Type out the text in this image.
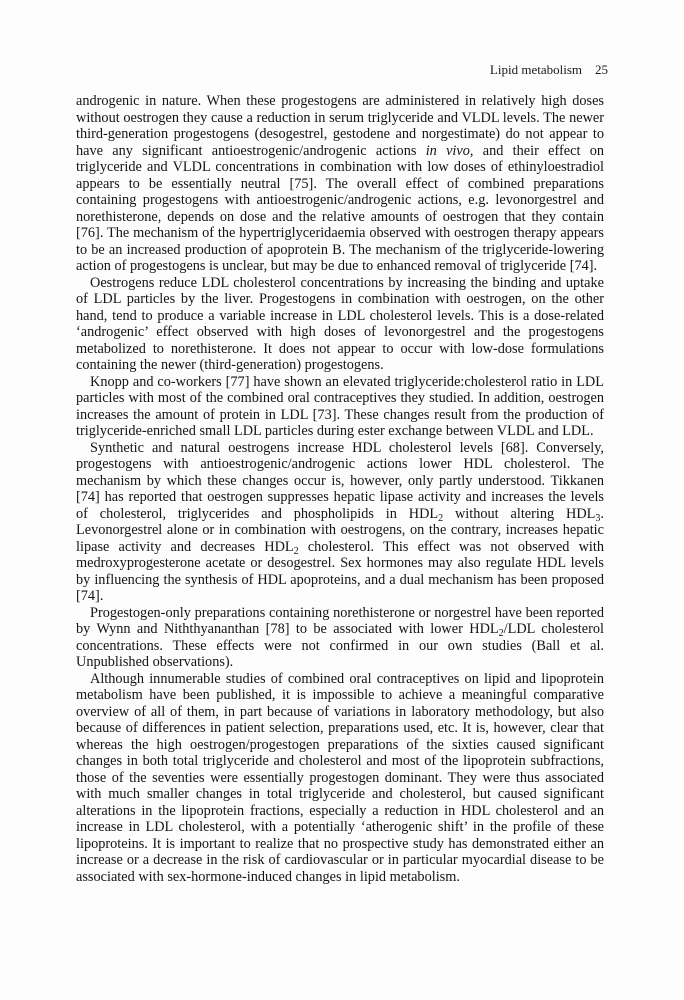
Lipid metabolism 25

androgenic in nature. When these progestogens are administered in relatively high doses without oestrogen they cause a reduction in serum triglyceride and VLDL levels. The newer third-generation progestogens (desogestrel, gestodene and norgestimate) do not appear to have any significant antioestrogenic/androgenic actions in vivo, and their effect on triglyceride and VLDL concentrations in combination with low doses of ethinyloestradiol appears to be essentially neutral [75]. The overall effect of combined preparations containing progestogens with antioestrogenic/androgenic actions, e.g. levonorgestrel and norethisterone, depends on dose and the relative amounts of oestrogen that they contain [76]. The mechanism of the hypertriglyceridaemia observed with oestrogen therapy appears to be an increased production of apoprotein B. The mechanism of the triglyceride-lowering action of progestogens is unclear, but may be due to enhanced removal of triglyceride [74].

Oestrogens reduce LDL cholesterol concentrations by increasing the binding and uptake of LDL particles by the liver. Progestogens in combination with oestrogen, on the other hand, tend to produce a variable increase in LDL cholesterol levels. This is a dose-related ‘androgenic’ effect observed with high doses of levonorgestrel and the progestogens metabolized to norethisterone. It does not appear to occur with low-dose formulations containing the newer (third-generation) progestogens.

Knopp and co-workers [77] have shown an elevated triglyceride:cholesterol ratio in LDL particles with most of the combined oral contraceptives they studied. In addition, oestrogen increases the amount of protein in LDL [73]. These changes result from the production of triglyceride-enriched small LDL particles during ester exchange between VLDL and LDL.

Synthetic and natural oestrogens increase HDL cholesterol levels [68]. Conversely, progestogens with antioestrogenic/androgenic actions lower HDL cholesterol. The mechanism by which these changes occur is, however, only partly understood. Tikkanen [74] has reported that oestrogen suppresses hepatic lipase activity and increases the levels of cholesterol, triglycerides and phospholipids in $HDL_2$ without altering $HDL_3$. Levonorgestrel alone or in combination with oestrogens, on the contrary, increases hepatic lipase activity and decreases $HDL_2$ cholesterol. This effect was not observed with medroxyprogesterone acetate or desogestrel. Sex hormones may also regulate HDL levels by influencing the synthesis of HDL apoproteins, and a dual mechanism has been proposed [74].

Progestogen-only preparations containing norethisterone or norgestrel have been reported by Wynn and Niththyananthan [78] to be associated with lower $HDL_2$/LDL cholesterol concentrations. These effects were not confirmed in our own studies (Ball et al. Unpublished observations).

Although innumerable studies of combined oral contraceptives on lipid and lipoprotein metabolism have been published, it is impossible to achieve a meaningful comparative overview of all of them, in part because of variations in laboratory methodology, but also because of differences in patient selection, preparations used, etc. It is, however, clear that whereas the high oestrogen/progestogen preparations of the sixties caused significant changes in both total triglyceride and cholesterol and most of the lipoprotein subfractions, those of the seventies were essentially progestogen dominant. They were thus associated with much smaller changes in total triglyceride and cholesterol, but caused significant alterations in the lipoprotein fractions, especially a reduction in HDL cholesterol and an increase in LDL cholesterol, with a potentially ‘atherogenic shift’ in the profile of these lipoproteins. It is important to realize that no prospective study has demonstrated either an increase or a decrease in the risk of cardiovascular or in particular myocardial disease to be associated with sex-hormone-induced changes in lipid metabolism.
